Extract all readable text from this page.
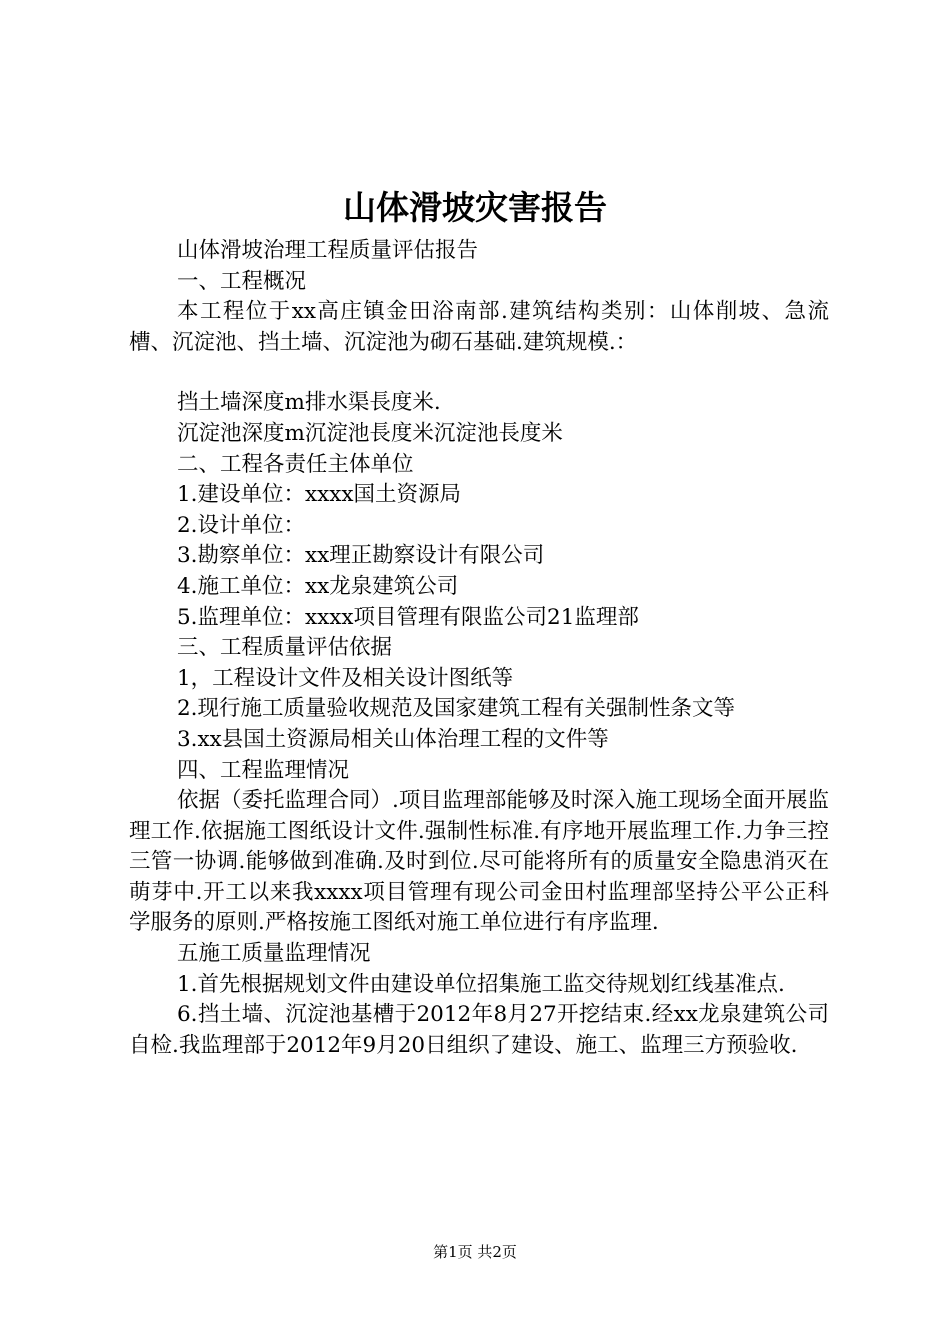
山体滑坡灾害报告

山体滑坡治理工程质量评估报告

一、工程概况

本工程位于xx高庄镇金田浴南部.建筑结构类别：山体削坡、急流槽、沉淀池、挡土墙、沉淀池为砌石基础.建筑规模.：

挡土墙深度m排水渠長度米.

沉淀池深度m沉淀池長度米沉淀池長度米

二、工程各责任主体单位

1.建设单位：xxxx国土资源局

2.设计单位：

3.勘察单位：xx理正勘察设计有限公司

4.施工单位：xx龙泉建筑公司

5.监理单位：xxxx项目管理有限监公司21监理部

三、工程质量评估依据

1，工程设计文件及相关设计图纸等

2.现行施工质量验收规范及国家建筑工程有关强制性条文等

3.xx县国土资源局相关山体治理工程的文件等

四、工程监理情况

依据（委托监理合同）.项目监理部能够及时深入施工现场全面开展监理工作.依据施工图纸设计文件.强制性标准.有序地开展监理工作.力争三控三管一协调.能够做到准确.及时到位.尽可能将所有的质量安全隐患消灭在萌芽中.开工以来我xxxx项目管理有现公司金田村监理部坚持公平公正科学服务的原则.严格按施工图纸对施工单位进行有序监理.

五施工质量监理情况

1.首先根据规划文件由建设单位招集施工监交待规划红线基准点.

6.挡土墙、沉淀池基槽于2012年8月27开挖结束.经xx龙泉建筑公司自检.我监理部于2012年9月20日组织了建设、施工、监理三方预验收.

第1页 共2页
